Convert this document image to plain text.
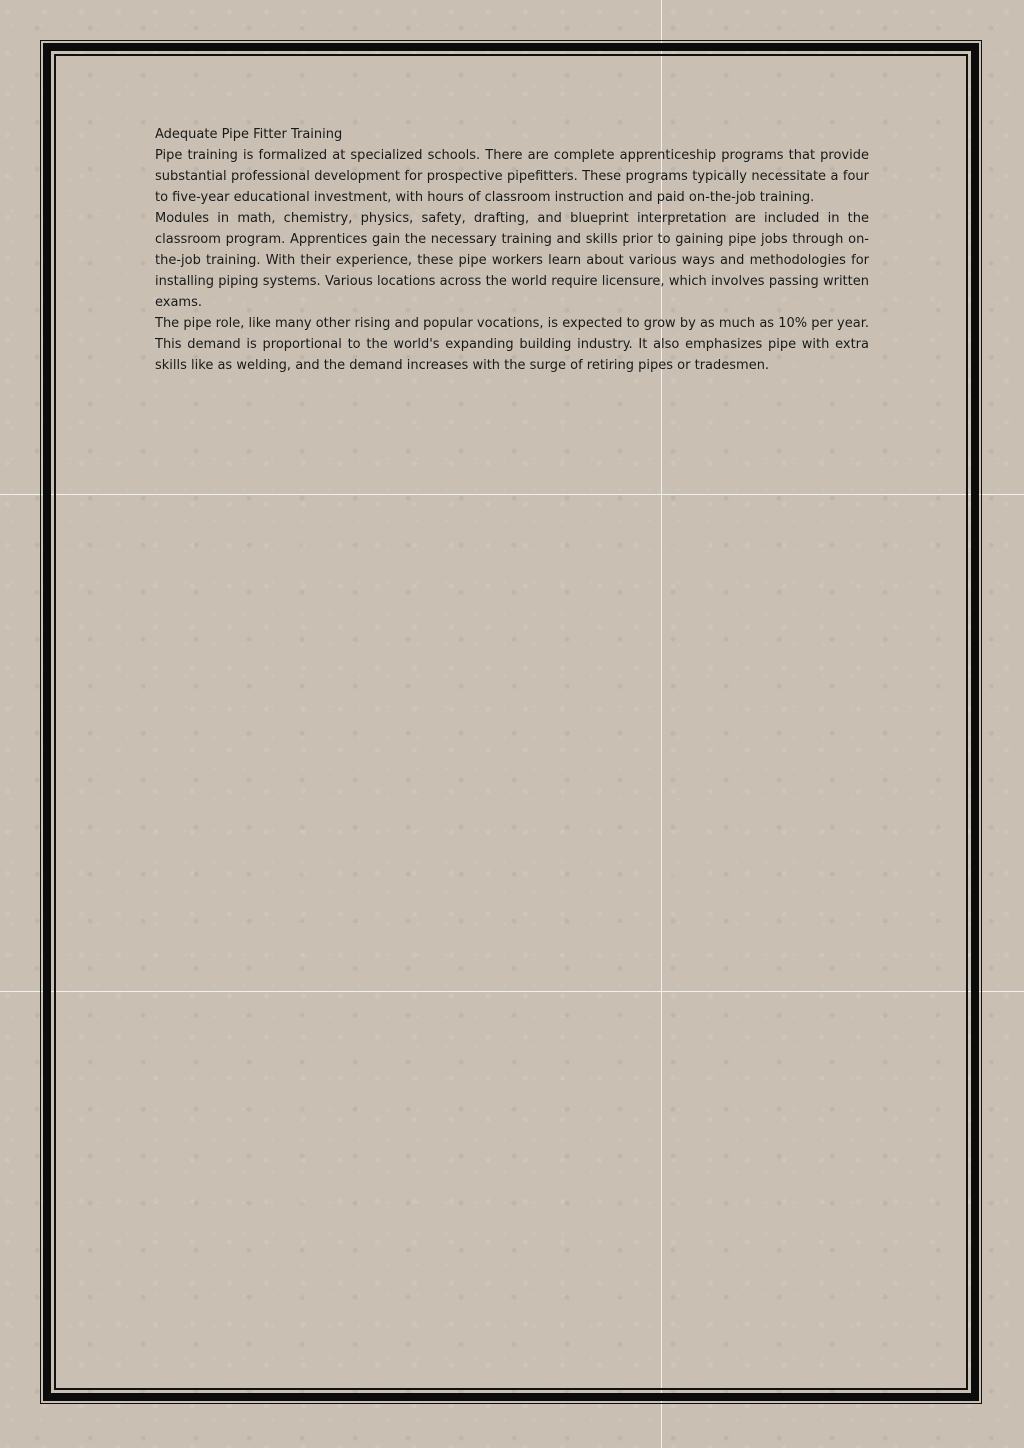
Adequate Pipe Fitter Training

Pipe training is formalized at specialized schools. There are complete apprenticeship programs that provide substantial professional development for prospective pipefitters. These programs typically necessitate a four to five-year educational investment, with hours of classroom instruction and paid on-the-job training.

Modules in math, chemistry, physics, safety, drafting, and blueprint interpretation are included in the classroom program. Apprentices gain the necessary training and skills prior to gaining pipe jobs through on-the-job training. With their experience, these pipe workers learn about various ways and methodologies for installing piping systems. Various locations across the world require licensure, which involves passing written exams.

The pipe role, like many other rising and popular vocations, is expected to grow by as much as 10% per year. This demand is proportional to the world's expanding building industry. It also emphasizes pipe with extra skills like as welding, and the demand increases with the surge of retiring pipes or tradesmen.
